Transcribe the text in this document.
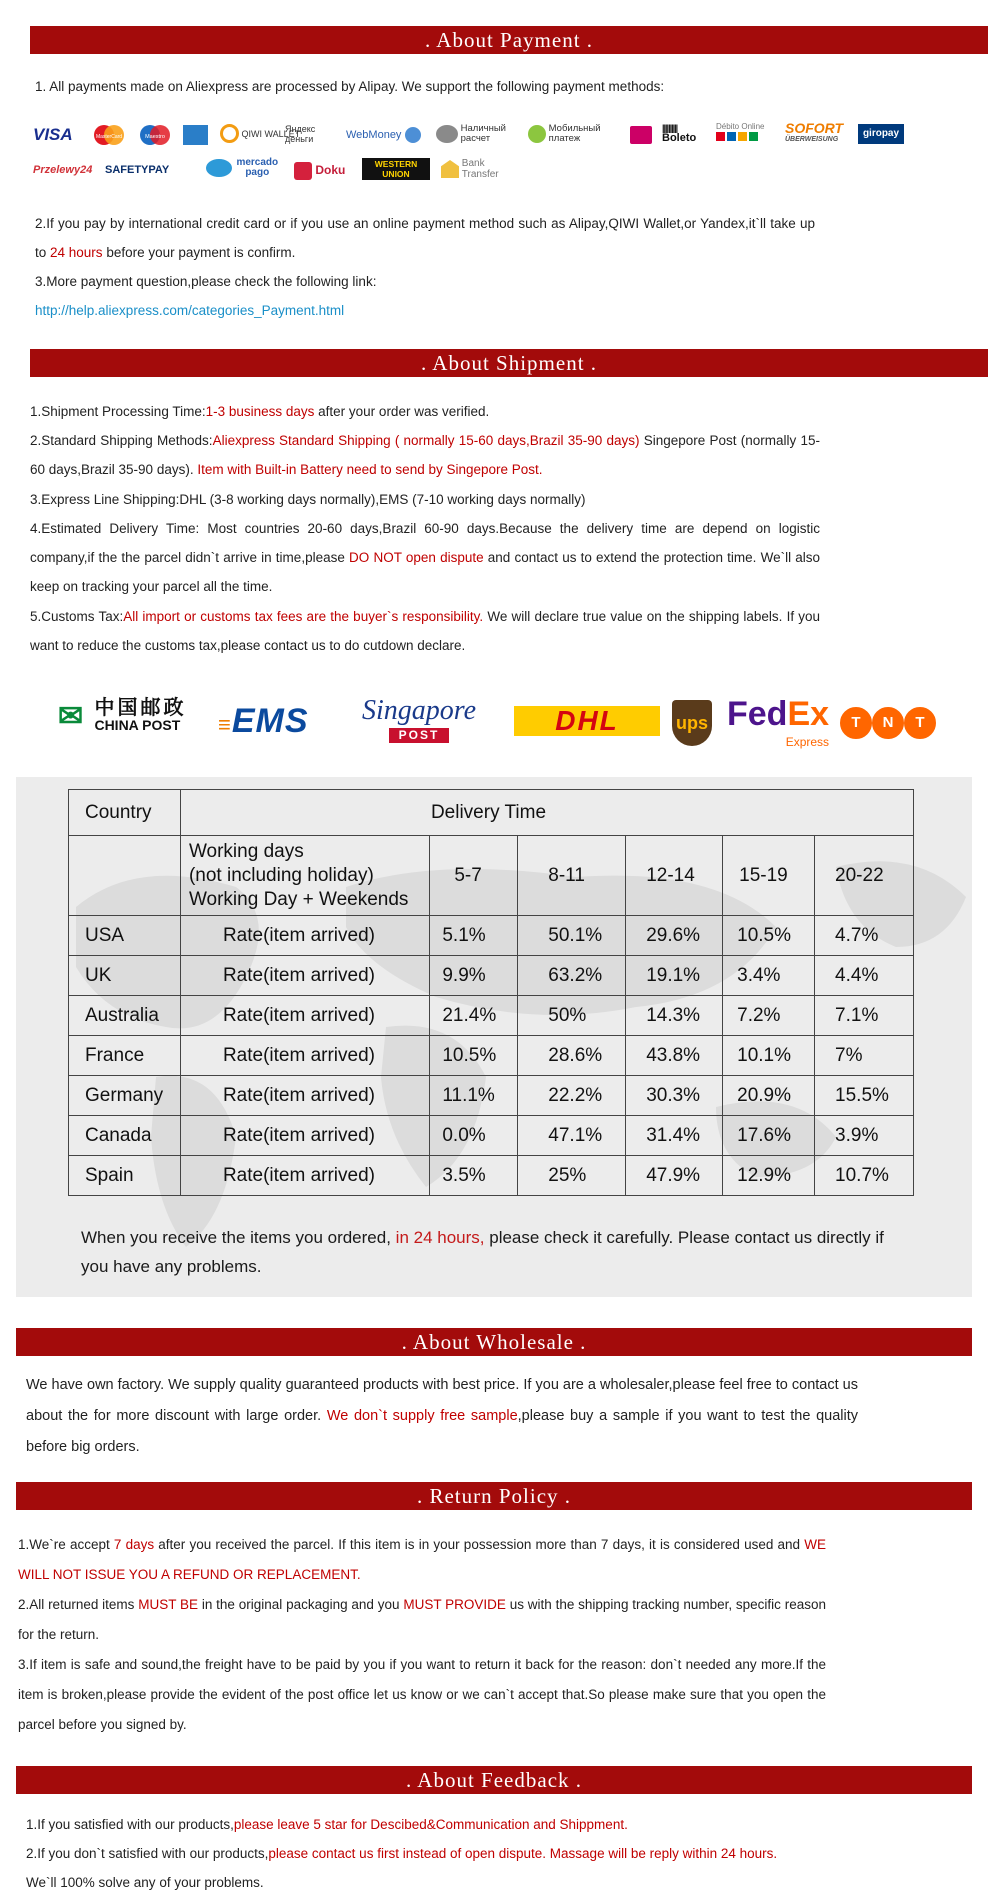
. About Payment .
1. All payments made on Aliexpress are processed by Alipay. We support the following payment methods:
VISA	MasterCard	Maestro	QIWI WALLET
Яндекс деньги	WebMoney
Наличный расчет
Мобильный платеж
||||||||||
Boleto
Débito Online SOFORT
ÜBERWEISUNG
giropay
Przelewy24 SAFETYPAY
mercado pago	Doku	WESTERN UNION
Bank Transfer
2.If you pay by international credit card or if you use an online payment method such as Alipay,QIWI Wallet,or Yandex,it`ll take up to 24 hours before your payment is confirm.
3.More payment question,please check the following link:
http://help.aliexpress.com/categories_Payment.html
. About Shipment .
1.Shipment Processing Time:1-3 business days after your order was verified.
2.Standard Shipping Methods:Aliexpress Standard Shipping ( normally 15-60 days,Brazil 35-90 days) Singepore Post (normally 15-60 days,Brazil 35-90 days). Item with Built-in Battery need to send by Singepore Post.
3.Express Line Shipping:DHL (3-8 working days normally),EMS (7-10 working days normally)
4.Estimated Delivery Time: Most countries 20-60 days,Brazil 60-90 days.Because the delivery time are depend on logistic company,if the the parcel didn`t arrive in time,please DO NOT open dispute and contact us to extend the protection time. We`ll also keep on tracking your parcel all the time.
5.Customs Tax:All import or customs tax fees are the buyer`s responsibility. We will declare true value on the shipping labels. If you want to reduce the customs tax,please contact us to do cutdown declare.
✉ 中国邮政
CHINA POST ≡EMS	Singapore
POST	DHL	ups FedEx
Express
T N T
Country	Delivery Time					

	Working days
(not including holiday)
Working Day + Weekends	5-7	8-11	12-14	15-19	20-22
USA	Rate(item arrived)	5.1%	50.1%	29.6%	10.5%	4.7%
UK	Rate(item arrived)	9.9%	63.2%	19.1%	3.4%	4.4%
Australia	Rate(item arrived)	21.4%	50%	14.3%	7.2%	7.1%
France	Rate(item arrived)	10.5%	28.6%	43.8%	10.1%	7%
Germany	Rate(item arrived)	11.1%	22.2%	30.3%	20.9%	15.5%
Canada	Rate(item arrived)	0.0%	47.1%	31.4%	17.6%	3.9%
Spain	Rate(item arrived)	3.5%	25%	47.9%	12.9%	10.7%
When you receive the items you ordered, in 24 hours, please check it carefully. Please contact us directly if you have any problems.
. About Wholesale .
We have own factory. We supply quality guaranteed products with best price. If you are a wholesaler,please feel free to contact us about the for more discount with large order. We don`t supply free sample,please buy a sample if you want to test the quality before big orders.
. Return Policy .
1.We`re accept 7 days after you received the parcel. If this item is in your possession more than 7 days, it is considered used and WE WILL NOT ISSUE YOU A REFUND OR REPLACEMENT.
2.All returned items MUST BE in the original packaging and you MUST PROVIDE us with the shipping tracking number, specific reason for the return.
3.If item is safe and sound,the freight have to be paid by you if you want to return it back for the reason: don`t needed any more.If the item is broken,please provide the evident of the post office let us know or we can`t accept that.So please make sure that you open the parcel before you signed by.
. About Feedback .
1.If you satisfied with our products,please leave 5 star for Descibed&Communication and Shippment.
2.If you don`t satisfied with our products,please contact us first instead of open dispute. Massage will be reply within 24 hours.
We`ll 100% solve any of your problems.
